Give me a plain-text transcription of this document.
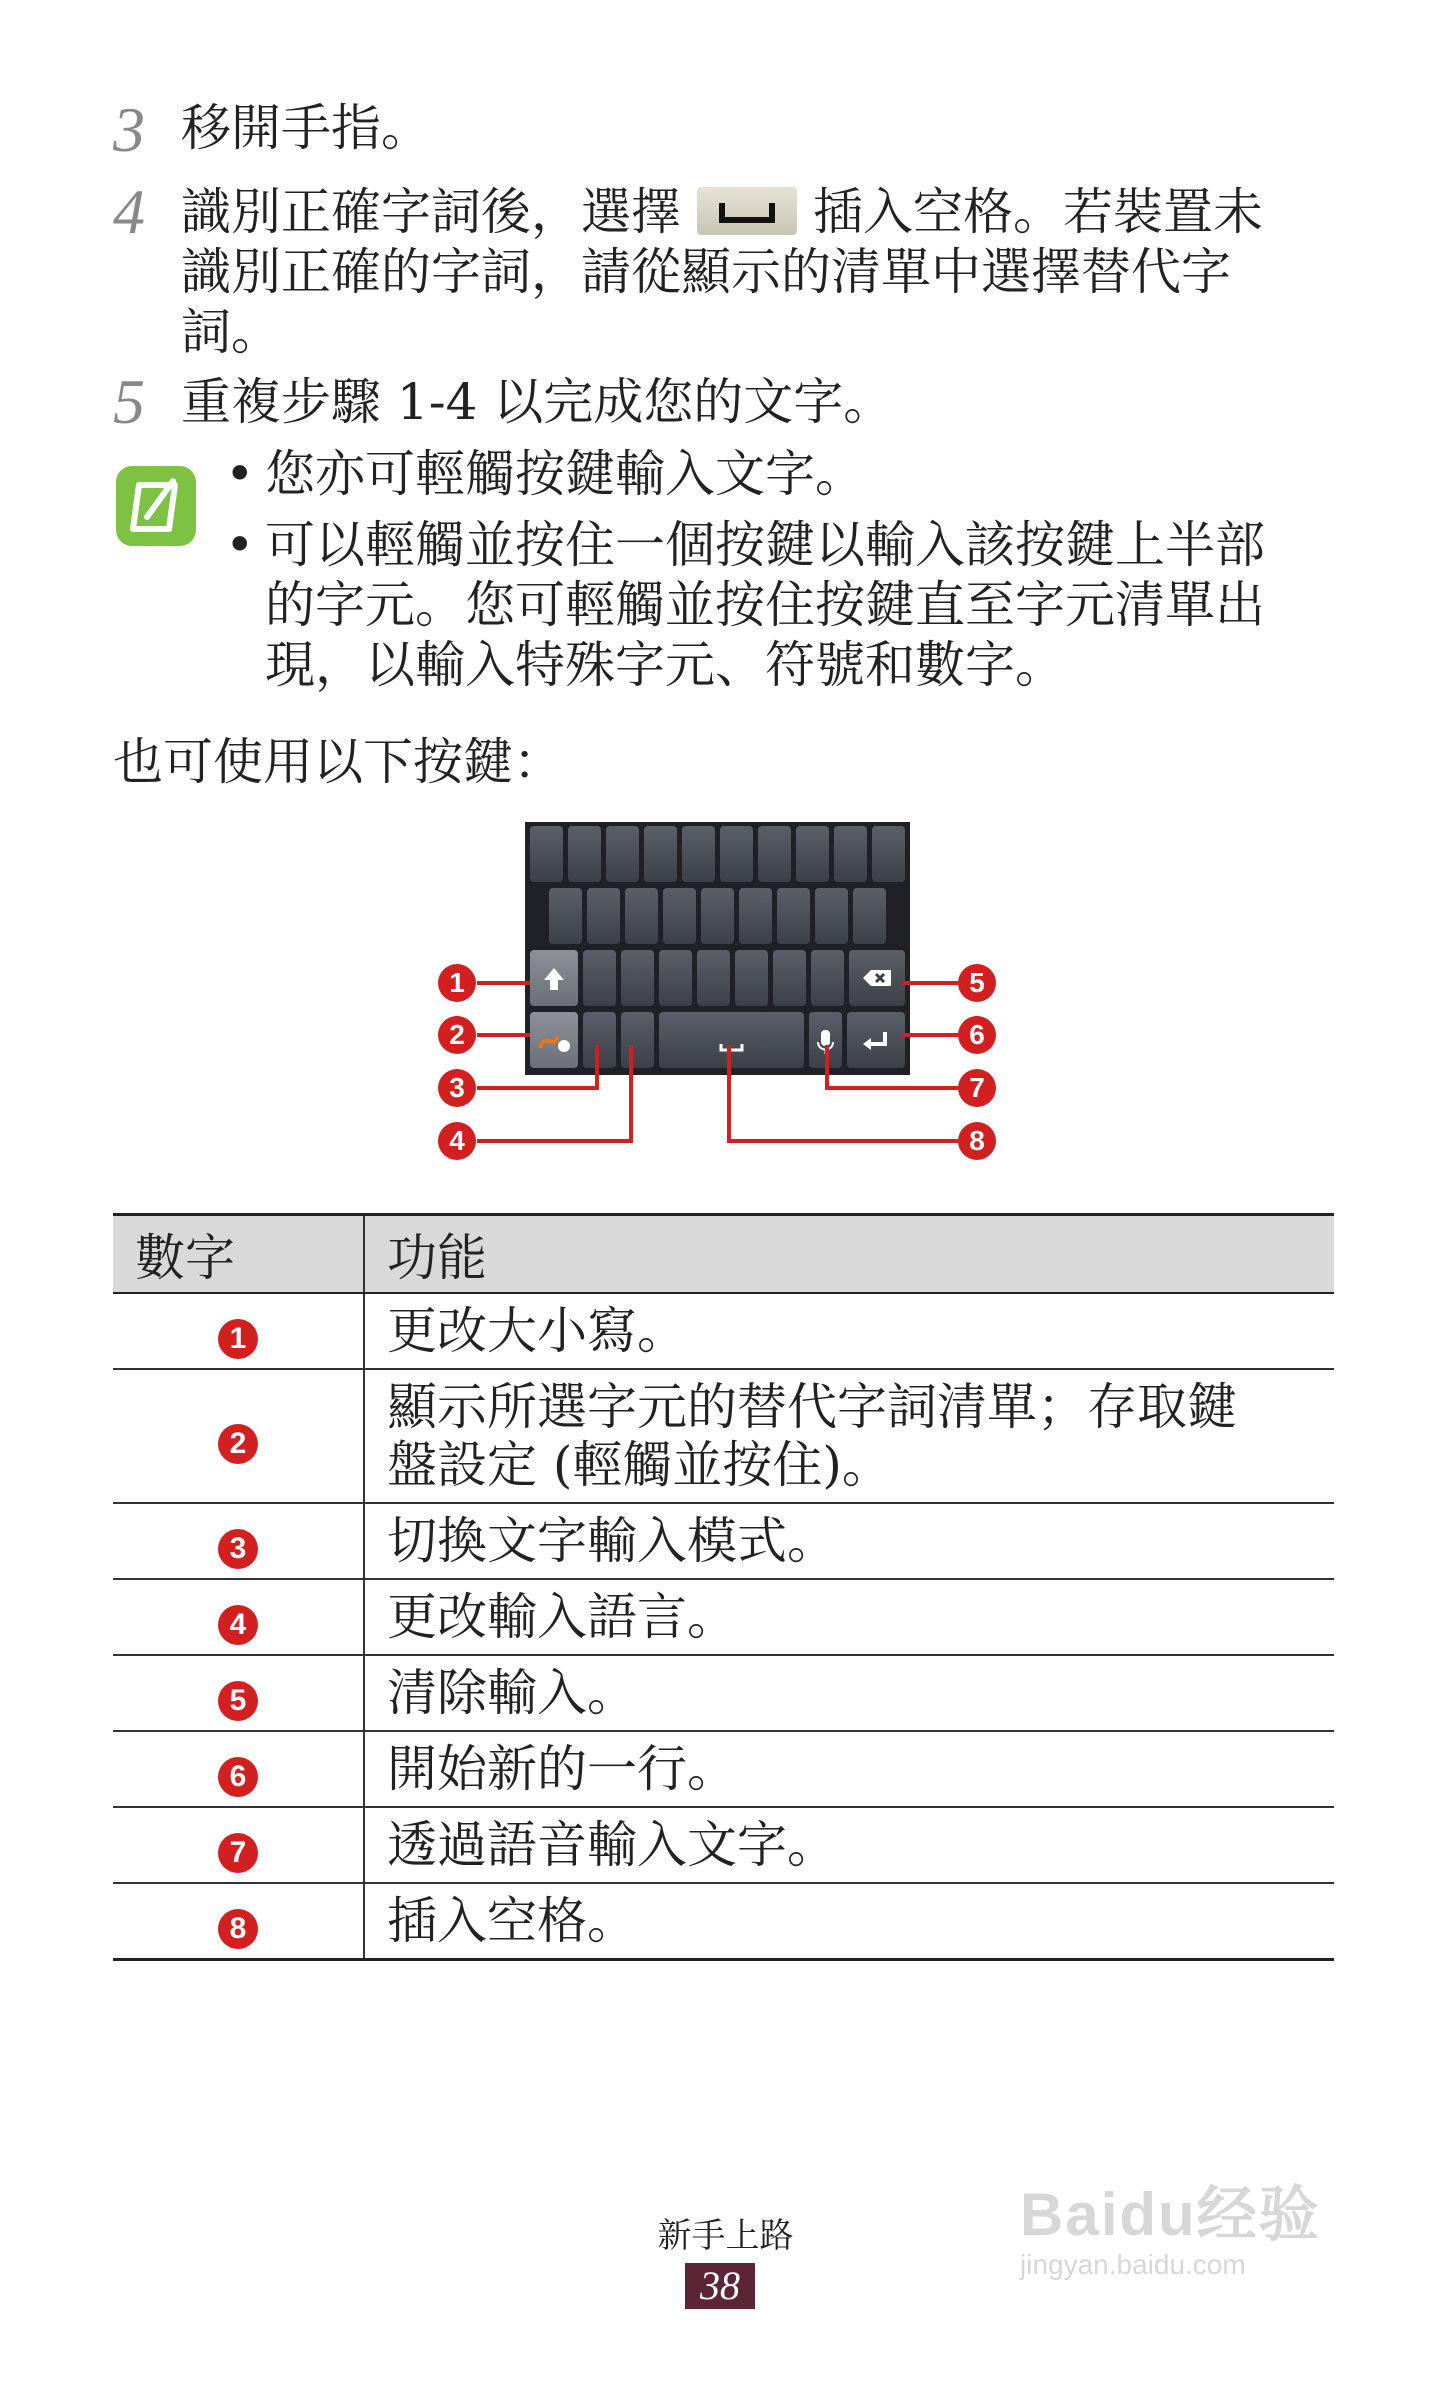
3 移開手指。
4 識別正確字詞後，選擇	插入空格。若裝置未
識別正確的字詞，請從顯示的清單中選擇替代字
詞。
5 重複步驟 1-4 以完成您的文字。
• 您亦可輕觸按鍵輸入文字。
• 可以輕觸並按住一個按鍵以輸入該按鍵上半部
的字元。您可輕觸並按住按鍵直至字元清單出
現，以輸入特殊字元、符號和數字。
也可使用以下按鍵：
1
2
3
4
5
6
7
8
數字	功能
1	更改大小寫。

2	顯示所選字元的替代字詞清單；存取鍵
盤設定 (輕觸並按住)。

3	切換文字輸入模式。

4	更改輸入語言。

5	清除輸入。

6	開始新的一行。

7	透過語音輸入文字。

8	插入空格。
新手上路
38
Baidu经验
jingyan.baidu.com
